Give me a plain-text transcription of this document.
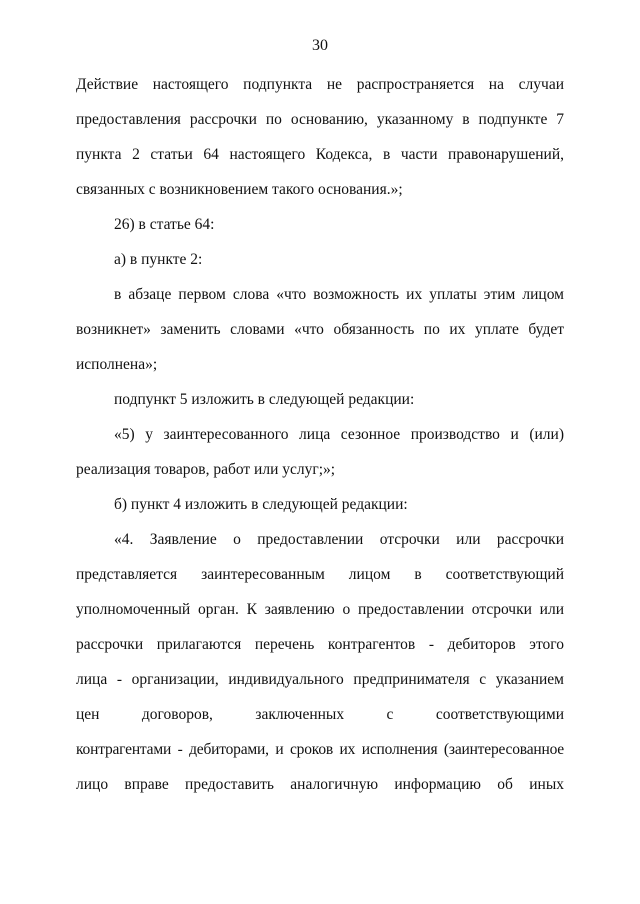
30
Действие настоящего подпункта не распространяется на случаи
предоставления рассрочки по основанию, указанному в подпункте 7
пункта 2 статьи 64 настоящего Кодекса, в части правонарушений,
связанных с возникновением такого основания.»;
26) в статье 64:
а) в пункте 2:
в абзаце первом слова «что возможность их уплаты этим лицом
возникнет» заменить словами «что обязанность по их уплате будет
исполнена»;
подпункт 5 изложить в следующей редакции:
«5) у заинтересованного лица сезонное производство и (или)
реализация товаров, работ или услуг;»;
б) пункт 4 изложить в следующей редакции:
«4. Заявление о предоставлении отсрочки или рассрочки
представляется заинтересованным лицом в соответствующий
уполномоченный орган. К заявлению о предоставлении отсрочки или
рассрочки прилагаются перечень контрагентов - дебиторов этого
лица - организации, индивидуального предпринимателя с указанием
цен договоров, заключенных с соответствующими
контрагентами - дебиторами, и сроков их исполнения (заинтересованное
лицо вправе предоставить аналогичную информацию об иных
